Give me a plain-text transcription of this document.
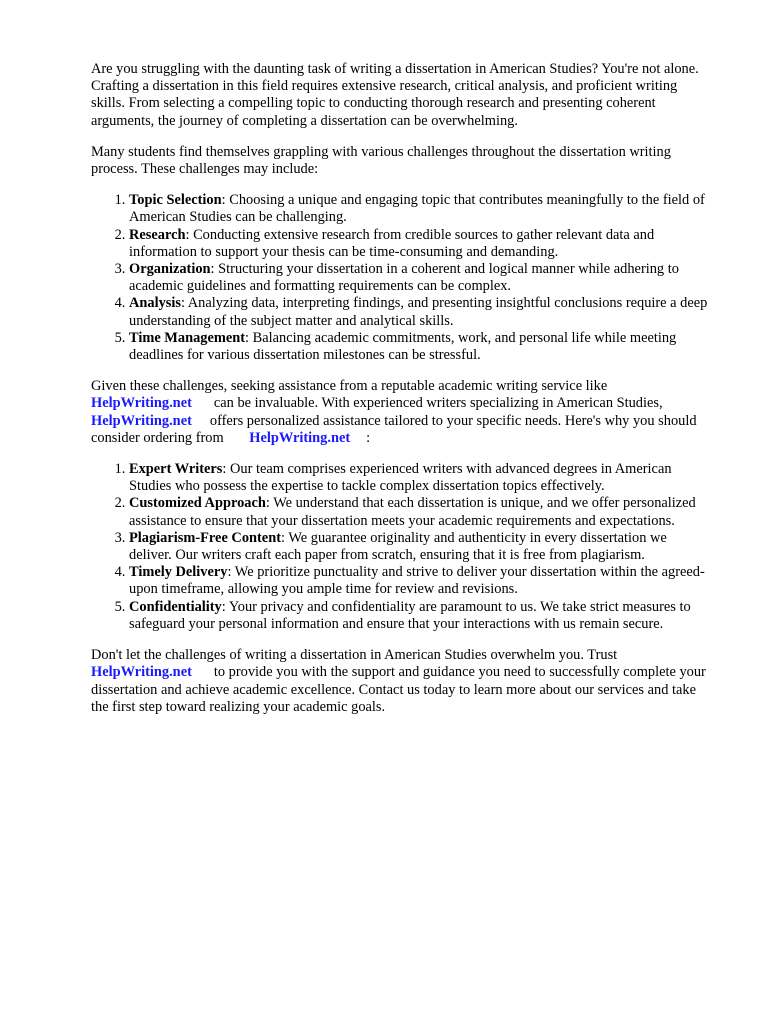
Are you struggling with the daunting task of writing a dissertation in American Studies? You're not alone. Crafting a dissertation in this field requires extensive research, critical analysis, and proficient writing skills. From selecting a compelling topic to conducting thorough research and presenting coherent arguments, the journey of completing a dissertation can be overwhelming.

Many students find themselves grappling with various challenges throughout the dissertation writing process. These challenges may include:

1. Topic Selection: Choosing a unique and engaging topic that contributes meaningfully to the field of American Studies can be challenging.
2. Research: Conducting extensive research from credible sources to gather relevant data and information to support your thesis can be time-consuming and demanding.
3. Organization: Structuring your dissertation in a coherent and logical manner while adhering to academic guidelines and formatting requirements can be complex.
4. Analysis: Analyzing data, interpreting findings, and presenting insightful conclusions require a deep understanding of the subject matter and analytical skills.
5. Time Management: Balancing academic commitments, work, and personal life while meeting deadlines for various dissertation milestones can be stressful.

Given these challenges, seeking assistance from a reputable academic writing service like HelpWriting.net can be invaluable. With experienced writers specializing in American Studies, HelpWriting.net offers personalized assistance tailored to your specific needs. Here's why you should consider ordering from HelpWriting.net :

1. Expert Writers: Our team comprises experienced writers with advanced degrees in American Studies who possess the expertise to tackle complex dissertation topics effectively.
2. Customized Approach: We understand that each dissertation is unique, and we offer personalized assistance to ensure that your dissertation meets your academic requirements and expectations.
3. Plagiarism-Free Content: We guarantee originality and authenticity in every dissertation we deliver. Our writers craft each paper from scratch, ensuring that it is free from plagiarism.
4. Timely Delivery: We prioritize punctuality and strive to deliver your dissertation within the agreed-upon timeframe, allowing you ample time for review and revisions.
5. Confidentiality: Your privacy and confidentiality are paramount to us. We take strict measures to safeguard your personal information and ensure that your interactions with us remain secure.

Don't let the challenges of writing a dissertation in American Studies overwhelm you. Trust HelpWriting.net to provide you with the support and guidance you need to successfully complete your dissertation and achieve academic excellence. Contact us today to learn more about our services and take the first step toward realizing your academic goals.
